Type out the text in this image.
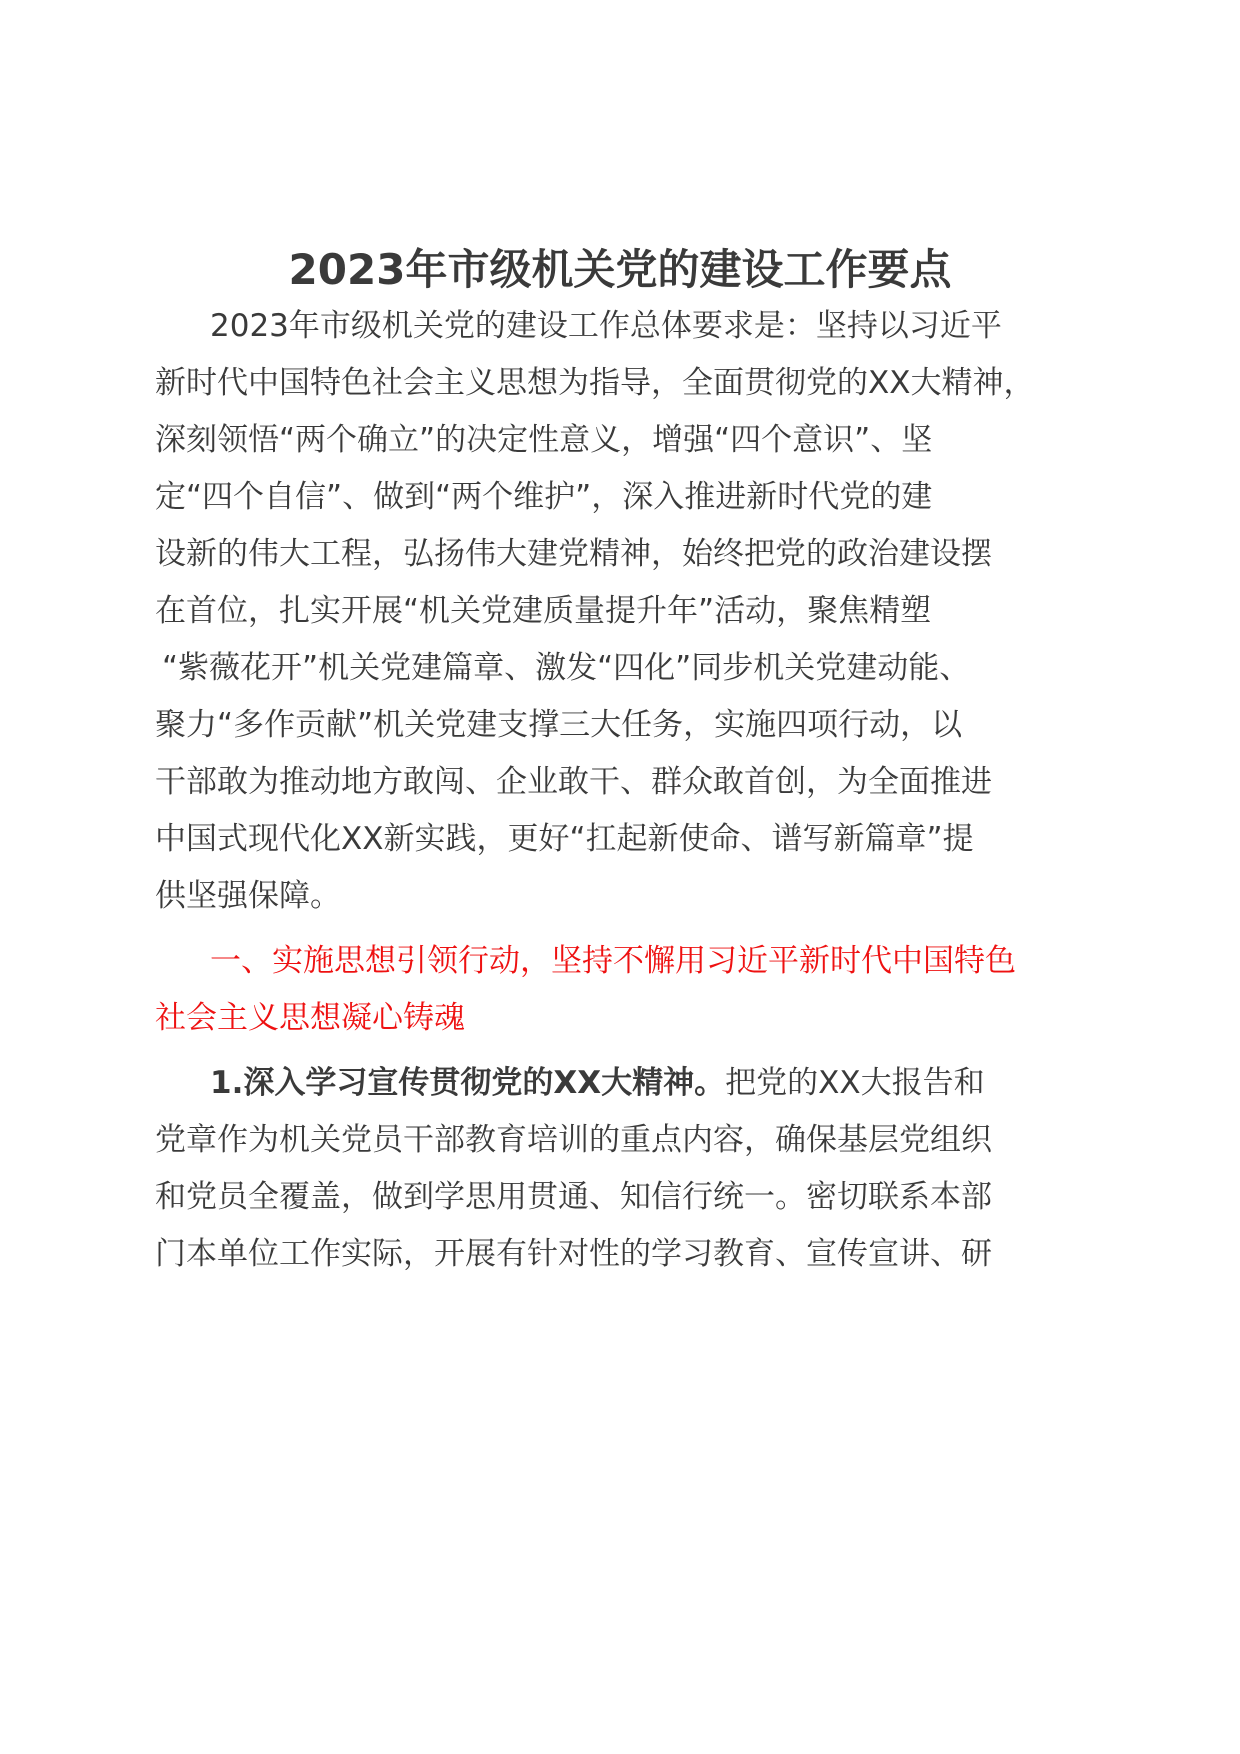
2023年市级机关党的建设工作要点
2023年市级机关党的建设工作总体要求是：坚持以习近平
新时代中国特色社会主义思想为指导，全面贯彻党的XX大精神，
深刻领悟“两个确立”的决定性意义，增强“四个意识”、坚
定“四个自信”、做到“两个维护”，深入推进新时代党的建
设新的伟大工程，弘扬伟大建党精神，始终把党的政治建设摆
在首位，扎实开展“机关党建质量提升年”活动，聚焦精塑
“紫薇花开”机关党建篇章、激发“四化”同步机关党建动能、
聚力“多作贡献”机关党建支撑三大任务，实施四项行动，以
干部敢为推动地方敢闯、企业敢干、群众敢首创，为全面推进
中国式现代化XX新实践，更好“扛起新使命、谱写新篇章”提
供坚强保障。
一、实施思想引领行动，坚持不懈用习近平新时代中国特色
社会主义思想凝心铸魂
1.深入学习宣传贯彻党的XX大精神。把党的XX大报告和
党章作为机关党员干部教育培训的重点内容，确保基层党组织
和党员全覆盖，做到学思用贯通、知信行统一。密切联系本部
门本单位工作实际，开展有针对性的学习教育、宣传宣讲、研
